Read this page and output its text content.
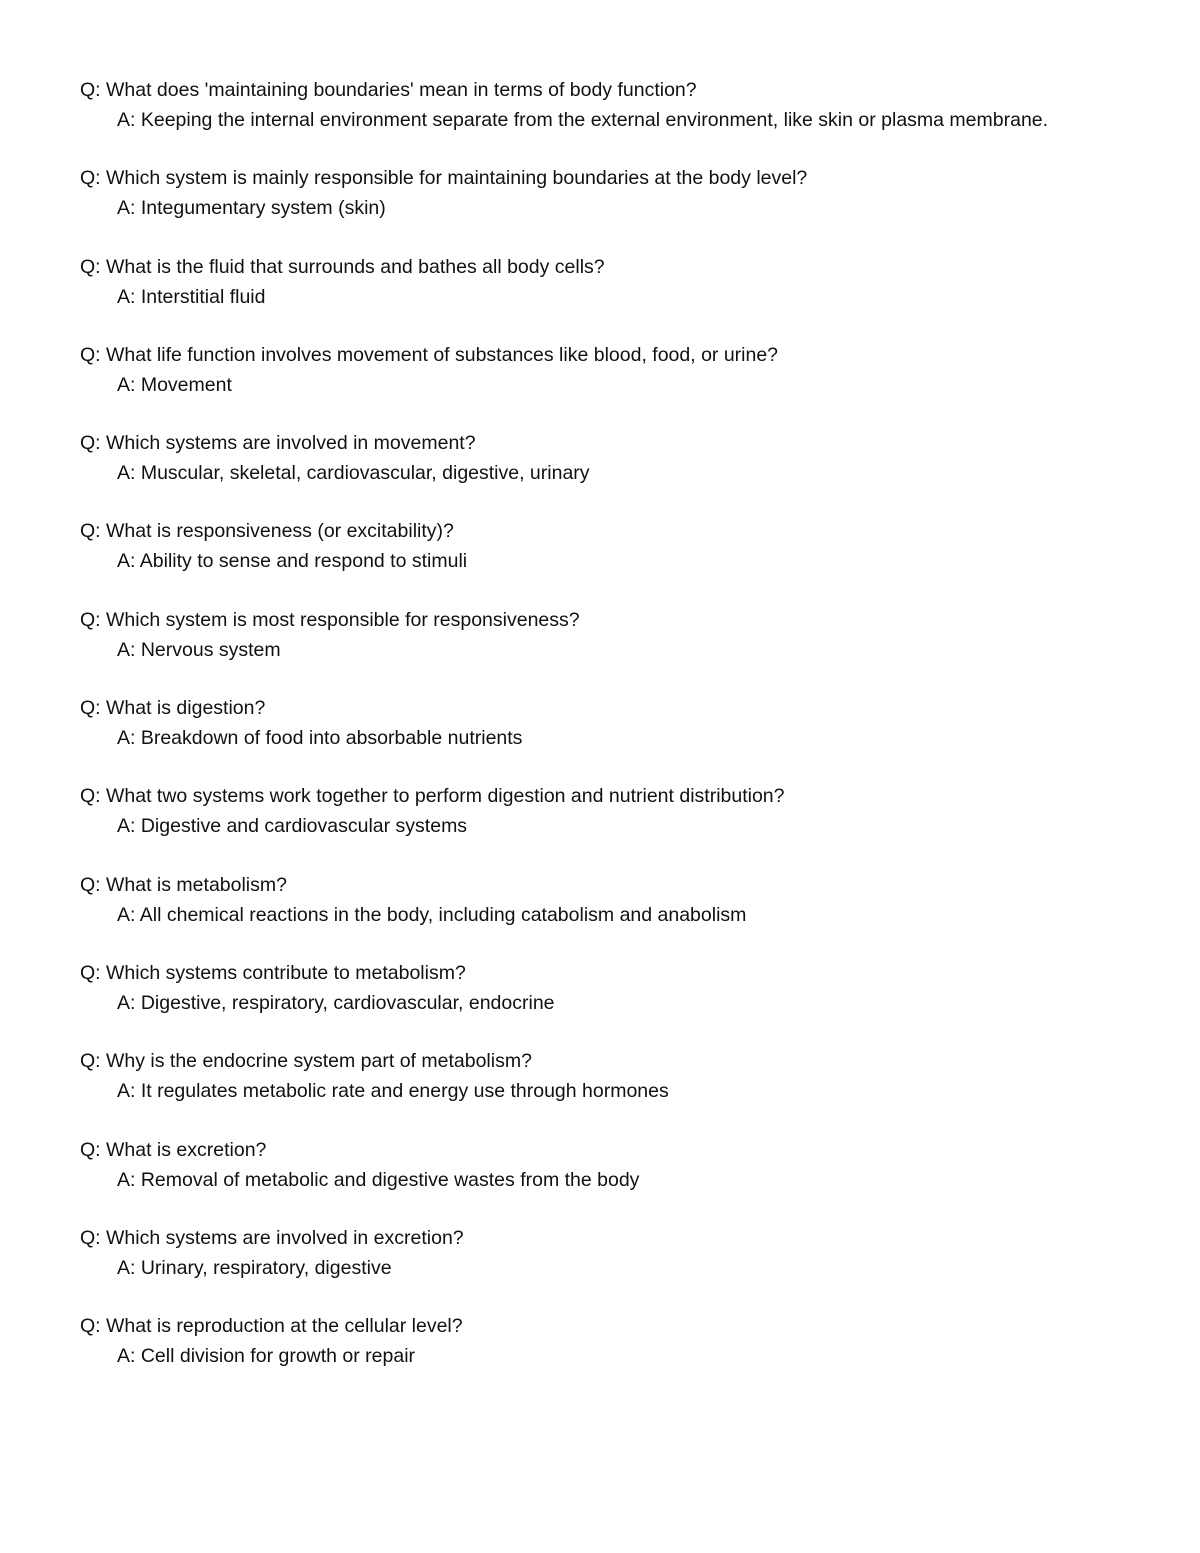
Q: What does 'maintaining boundaries' mean in terms of body function?
A: Keeping the internal environment separate from the external environment, like skin or plasma membrane.
Q: Which system is mainly responsible for maintaining boundaries at the body level?
A: Integumentary system (skin)
Q: What is the fluid that surrounds and bathes all body cells?
A: Interstitial fluid
Q: What life function involves movement of substances like blood, food, or urine?
A: Movement
Q: Which systems are involved in movement?
A: Muscular, skeletal, cardiovascular, digestive, urinary
Q: What is responsiveness (or excitability)?
A: Ability to sense and respond to stimuli
Q: Which system is most responsible for responsiveness?
A: Nervous system
Q: What is digestion?
A: Breakdown of food into absorbable nutrients
Q: What two systems work together to perform digestion and nutrient distribution?
A: Digestive and cardiovascular systems
Q: What is metabolism?
A: All chemical reactions in the body, including catabolism and anabolism
Q: Which systems contribute to metabolism?
A: Digestive, respiratory, cardiovascular, endocrine
Q: Why is the endocrine system part of metabolism?
A: It regulates metabolic rate and energy use through hormones
Q: What is excretion?
A: Removal of metabolic and digestive wastes from the body
Q: Which systems are involved in excretion?
A: Urinary, respiratory, digestive
Q: What is reproduction at the cellular level?
A: Cell division for growth or repair
